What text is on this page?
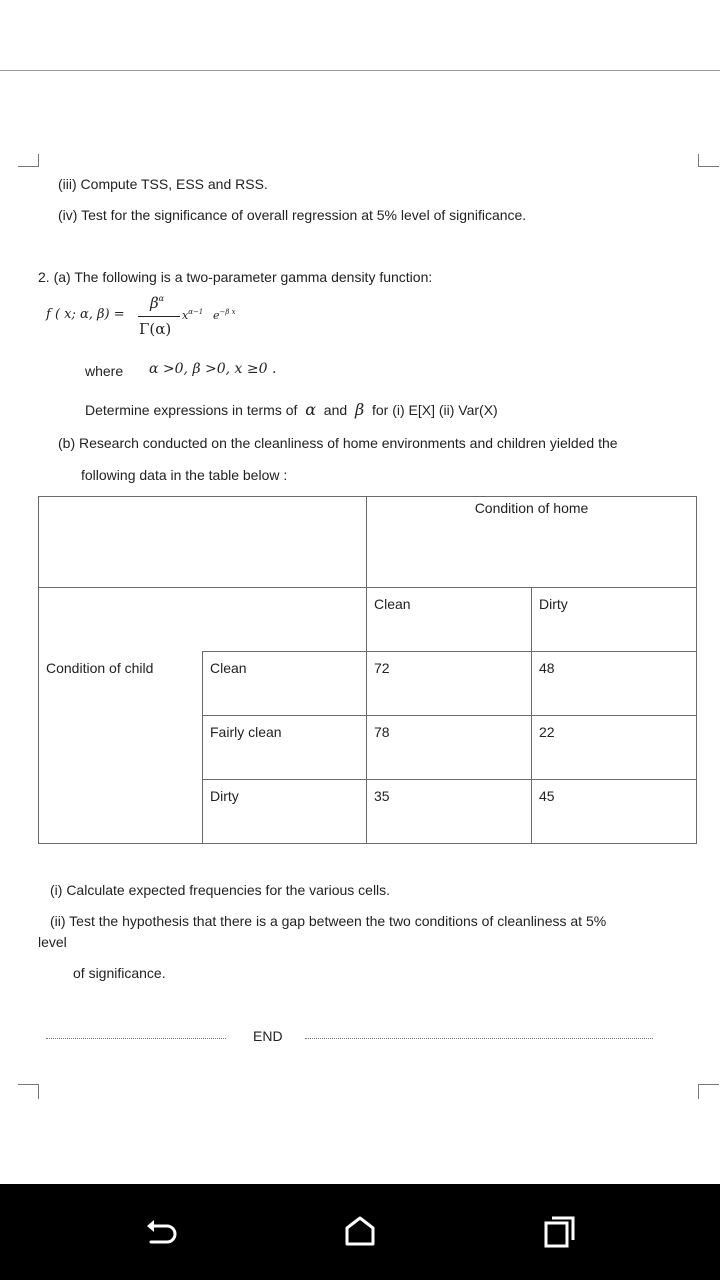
(iii) Compute TSS, ESS and RSS.
(iv) Test for the significance of overall regression at 5% level of significance.
2. (a) The following is a two-parameter gamma density function:
f ( x; α, β) =
$\beta^\alpha$
Γ(α)
$x^{\alpha-1}$ $e^{-\beta x}$
where α >0, β >0, x ≥0 .
Determine expressions in terms of α and β for (i) E[X] (ii) Var(X)
(b) Research conducted on the cleanliness of home environments and children yielded the
following data in the table below :
		Condition of home	
		Clean	Dirty
Condition of child	Clean	72	48
	Fairly clean	78	22
	Dirty	35	45
(i) Calculate expected frequencies for the various cells.
(ii) Test the hypothesis that there is a gap between the two conditions of cleanliness at 5%
level
of significance.
END
